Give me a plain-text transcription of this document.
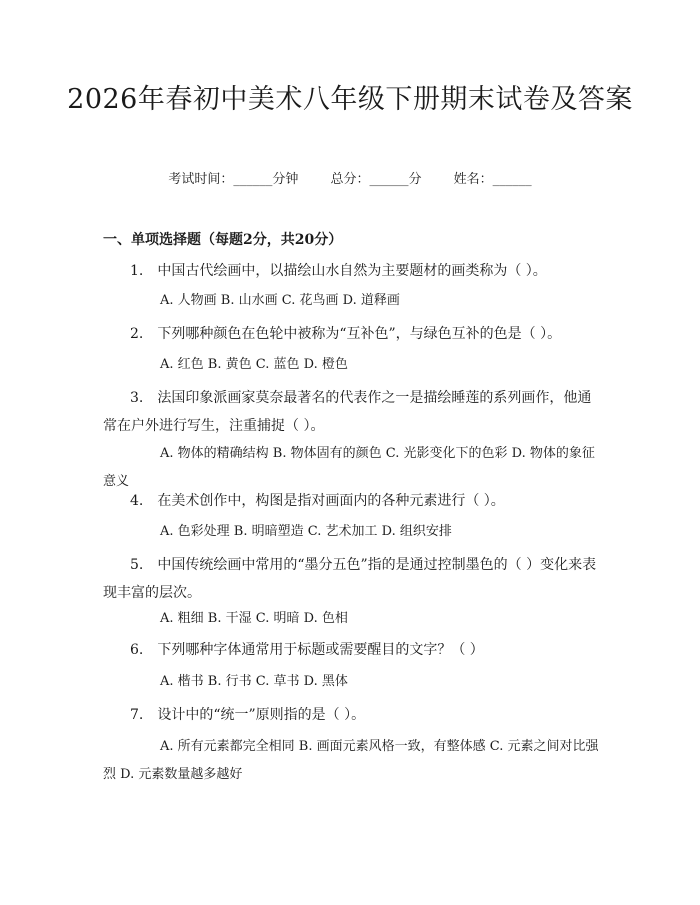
2026年春初中美术八年级下册期末试卷及答案
考试时间：______分钟 总分：______分 姓名：______
一、单项选择题（每题2分，共20分）
1.　中国古代绘画中，以描绘山水自然为主要题材的画类称为（ ）。
A. 人物画 B. 山水画 C. 花鸟画 D. 道释画
2.　下列哪种颜色在色轮中被称为“互补色”，与绿色互补的色是（ ）。
A. 红色 B. 黄色 C. 蓝色 D. 橙色
3.　法国印象派画家莫奈最著名的代表作之一是描绘睡莲的系列画作，他通常在户外进行写生，注重捕捉（ ）。
A. 物体的精确结构 B. 物体固有的颜色 C. 光影变化下的色彩 D. 物体的象征意义
4.　在美术创作中，构图是指对画面内的各种元素进行（ ）。
A. 色彩处理 B. 明暗塑造 C. 艺术加工 D. 组织安排
5.　中国传统绘画中常用的“墨分五色”指的是通过控制墨色的（ ）变化来表现丰富的层次。
A. 粗细 B. 干湿 C. 明暗 D. 色相
6.　下列哪种字体通常用于标题或需要醒目的文字？（ ）
A. 楷书 B. 行书 C. 草书 D. 黑体
7.　设计中的“统一”原则指的是（ ）。
A. 所有元素都完全相同 B. 画面元素风格一致，有整体感 C. 元素之间对比强烈 D. 元素数量越多越好
